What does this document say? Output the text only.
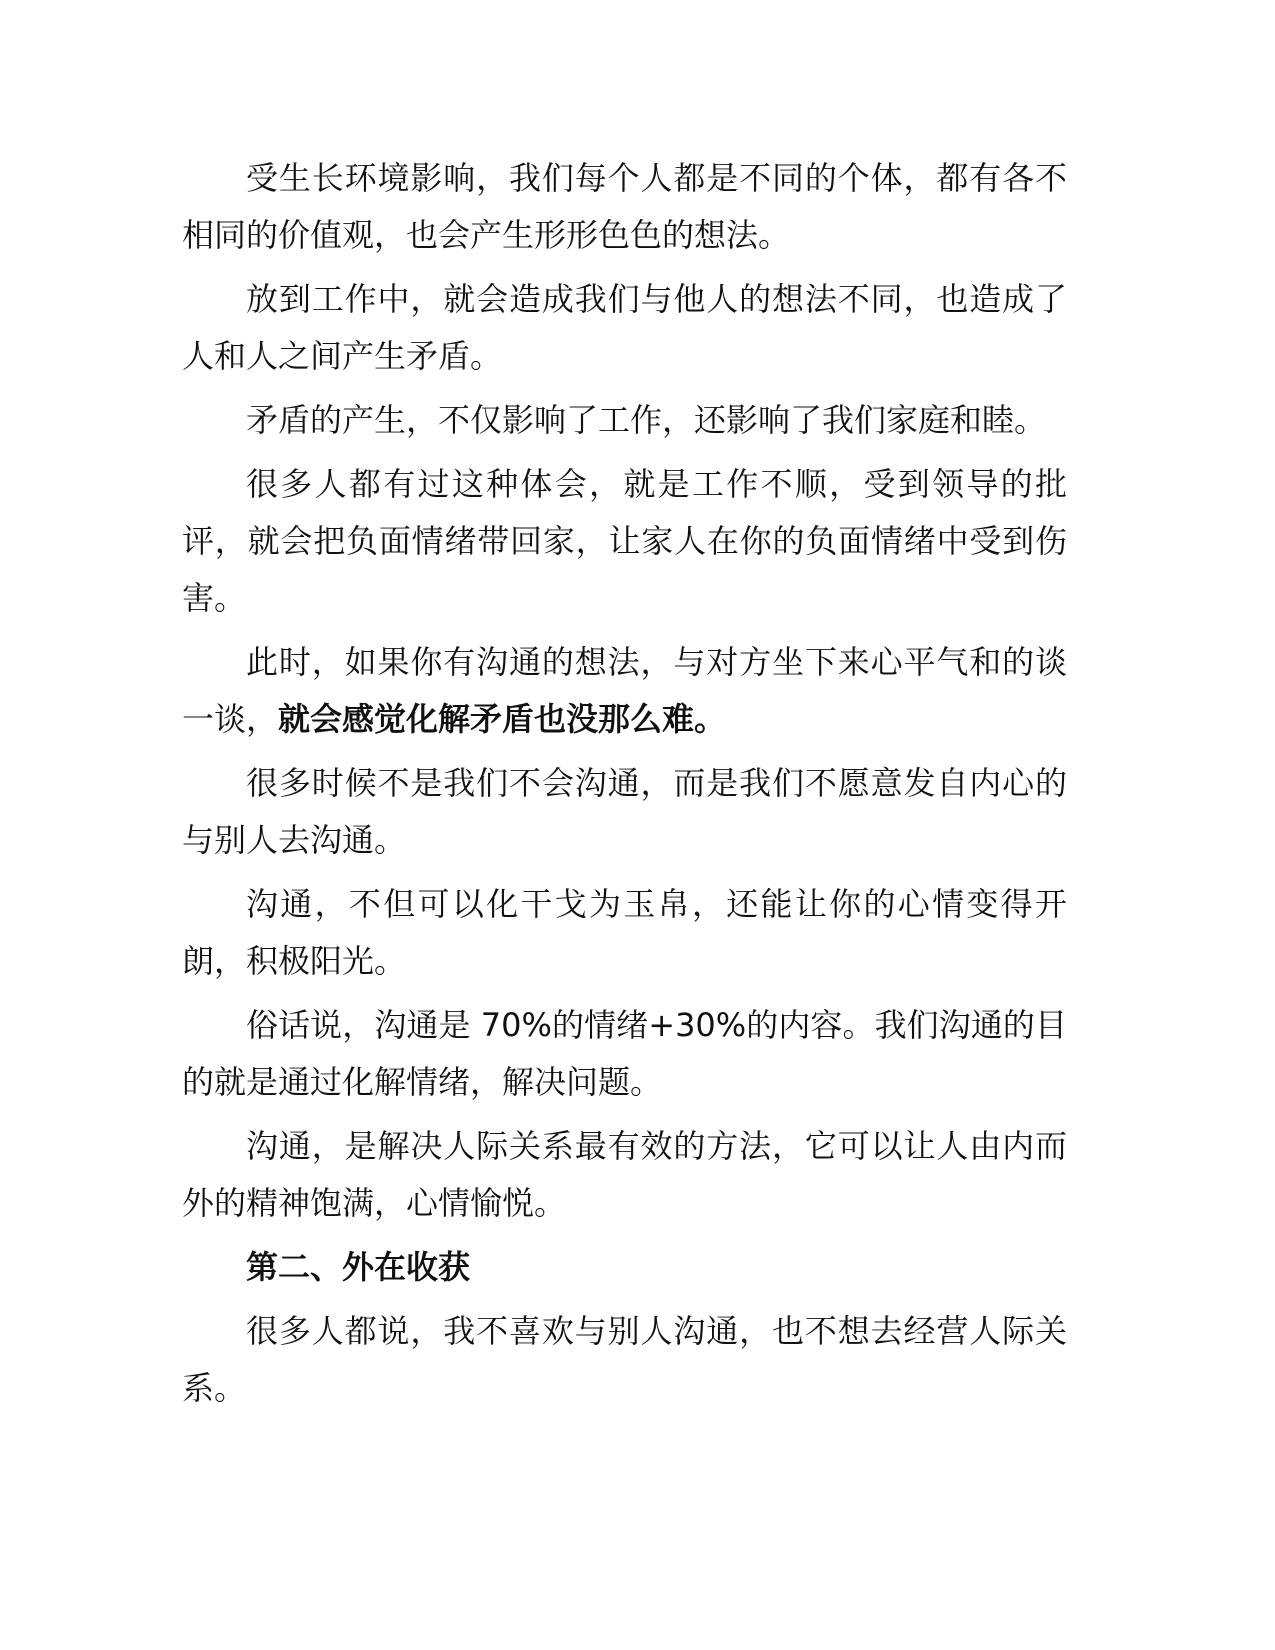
受生长环境影响，我们每个人都是不同的个体，都有各不相同的价值观，也会产生形形色色的想法。

放到工作中，就会造成我们与他人的想法不同，也造成了人和人之间产生矛盾。

矛盾的产生，不仅影响了工作，还影响了我们家庭和睦。

很多人都有过这种体会，就是工作不顺，受到领导的批评，就会把负面情绪带回家，让家人在你的负面情绪中受到伤害。

此时，如果你有沟通的想法，与对方坐下来心平气和的谈一谈，就会感觉化解矛盾也没那么难。

很多时候不是我们不会沟通，而是我们不愿意发自内心的与别人去沟通。

沟通，不但可以化干戈为玉帛，还能让你的心情变得开朗，积极阳光。

俗话说，沟通是 70%的情绪+30%的内容。我们沟通的目的就是通过化解情绪，解决问题。

沟通，是解决人际关系最有效的方法，它可以让人由内而外的精神饱满，心情愉悦。

第二、外在收获

很多人都说，我不喜欢与别人沟通，也不想去经营人际关系。
